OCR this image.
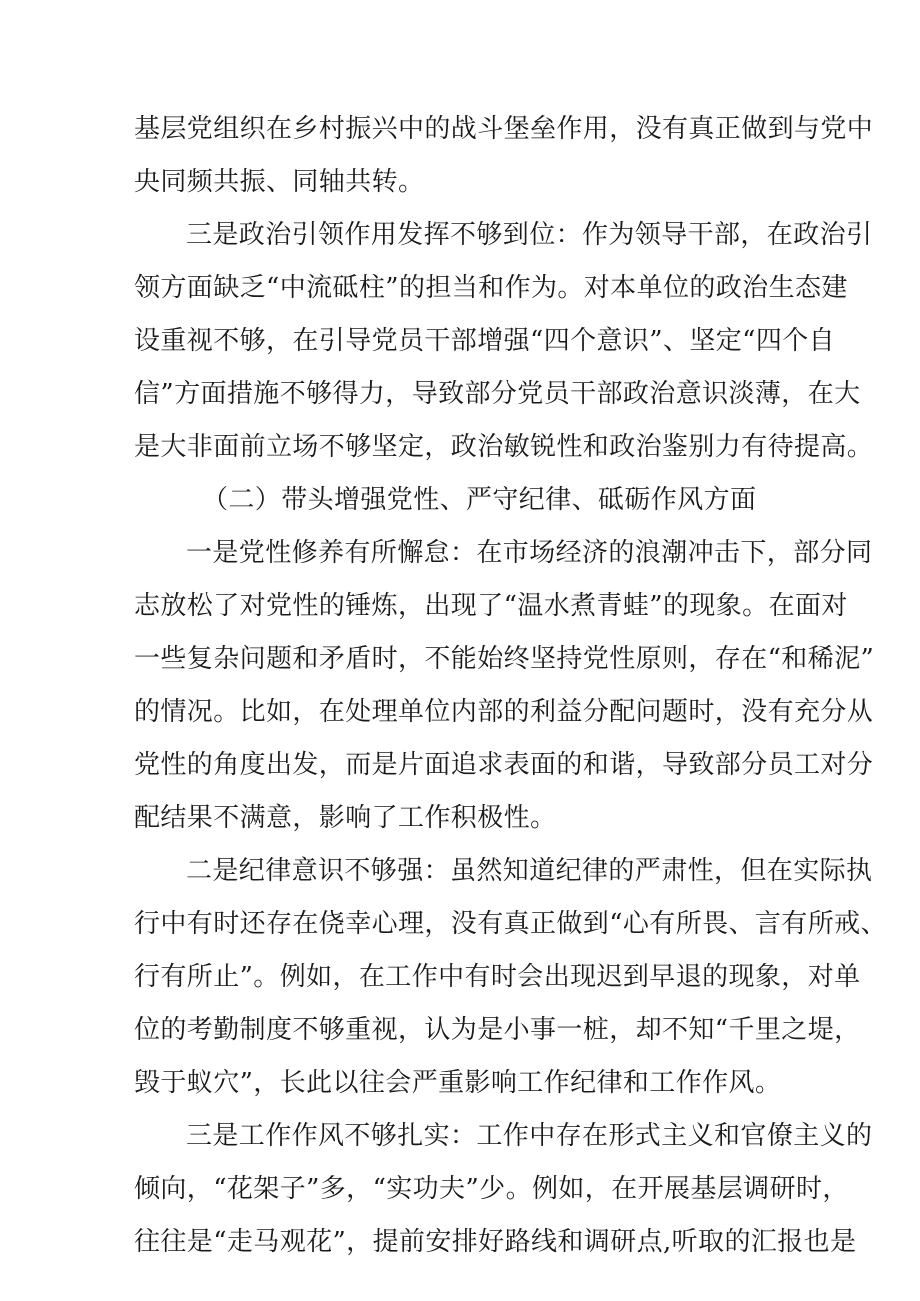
基层党组织在乡村振兴中的战斗堡垒作用，没有真正做到与党中
央同频共振、同轴共转。
三是政治引领作用发挥不够到位：作为领导干部，在政治引
领方面缺乏“中流砥柱”的担当和作为。对本单位的政治生态建
设重视不够，在引导党员干部增强“四个意识”、坚定“四个自
信”方面措施不够得力，导致部分党员干部政治意识淡薄，在大
是大非面前立场不够坚定，政治敏锐性和政治鉴别力有待提高。
（二）带头增强党性、严守纪律、砥砺作风方面
一是党性修养有所懈怠：在市场经济的浪潮冲击下，部分同
志放松了对党性的锤炼，出现了“温水煮青蛙”的现象。在面对
一些复杂问题和矛盾时，不能始终坚持党性原则，存在“和稀泥”
的情况。比如，在处理单位内部的利益分配问题时，没有充分从
党性的角度出发，而是片面追求表面的和谐，导致部分员工对分
配结果不满意，影响了工作积极性。
二是纪律意识不够强：虽然知道纪律的严肃性，但在实际执
行中有时还存在侥幸心理，没有真正做到“心有所畏、言有所戒、
行有所止”。例如，在工作中有时会出现迟到早退的现象，对单
位的考勤制度不够重视，认为是小事一桩，却不知“千里之堤，
毁于蚁穴”，长此以往会严重影响工作纪律和工作作风。
三是工作作风不够扎实：工作中存在形式主义和官僚主义的
倾向，“花架子”多，“实功夫”少。例如，在开展基层调研时，
往往是“走马观花”，提前安排好路线和调研点,听取的汇报也是
